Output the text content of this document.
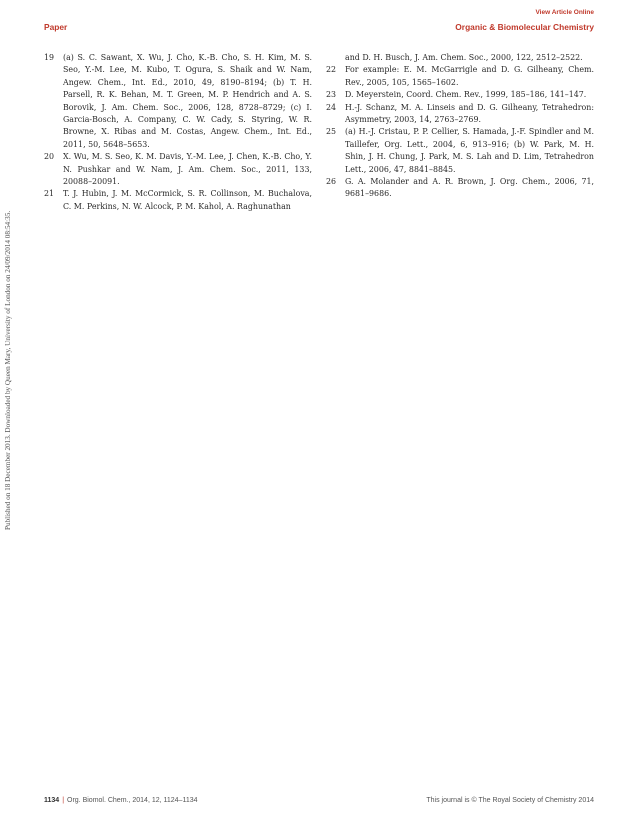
View Article Online
Paper	Organic & Biomolecular Chemistry
Published on 18 December 2013. Downloaded by Queen Mary, University of London on 24/09/2014 08:54:35.
19	(a) S. C. Sawant, X. Wu, J. Cho, K.-B. Cho, S. H. Kim, M. S. Seo, Y.-M. Lee, M. Kubo, T. Ogura, S. Shaik and W. Nam, Angew. Chem., Int. Ed., 2010, 49, 8190–8194; (b) T. H. Parsell, R. K. Behan, M. T. Green, M. P. Hendrich and A. S. Borovik, J. Am. Chem. Soc., 2006, 128, 8728–8729; (c) I. Garcia-Bosch, A. Company, C. W. Cady, S. Styring, W. R. Browne, X. Ribas and M. Costas, Angew. Chem., Int. Ed., 2011, 50, 5648–5653.
20	X. Wu, M. S. Seo, K. M. Davis, Y.-M. Lee, J. Chen, K.-B. Cho, Y. N. Pushkar and W. Nam, J. Am. Chem. Soc., 2011, 133, 20088–20091.
21	T. J. Hubin, J. M. McCormick, S. R. Collinson, M. Buchalova, C. M. Perkins, N. W. Alcock, P. M. Kahol, A. Raghunathan
and D. H. Busch, J. Am. Chem. Soc., 2000, 122, 2512–2522.
22	For example: E. M. McGarrigle and D. G. Gilheany, Chem. Rev., 2005, 105, 1565–1602.
23	D. Meyerstein, Coord. Chem. Rev., 1999, 185–186, 141–147.
24	H.-J. Schanz, M. A. Linseis and D. G. Gilheany, Tetrahedron: Asymmetry, 2003, 14, 2763–2769.
25	(a) H.-J. Cristau, P. P. Cellier, S. Hamada, J.-F. Spindler and M. Taillefer, Org. Lett., 2004, 6, 913–916; (b) W. Park, M. H. Shin, J. H. Chung, J. Park, M. S. Lah and D. Lim, Tetrahedron Lett., 2006, 47, 8841–8845.
26	G. A. Molander and A. R. Brown, J. Org. Chem., 2006, 71, 9681–9686.
1134 | Org. Biomol. Chem., 2014, 12, 1124–1134	This journal is © The Royal Society of Chemistry 2014
